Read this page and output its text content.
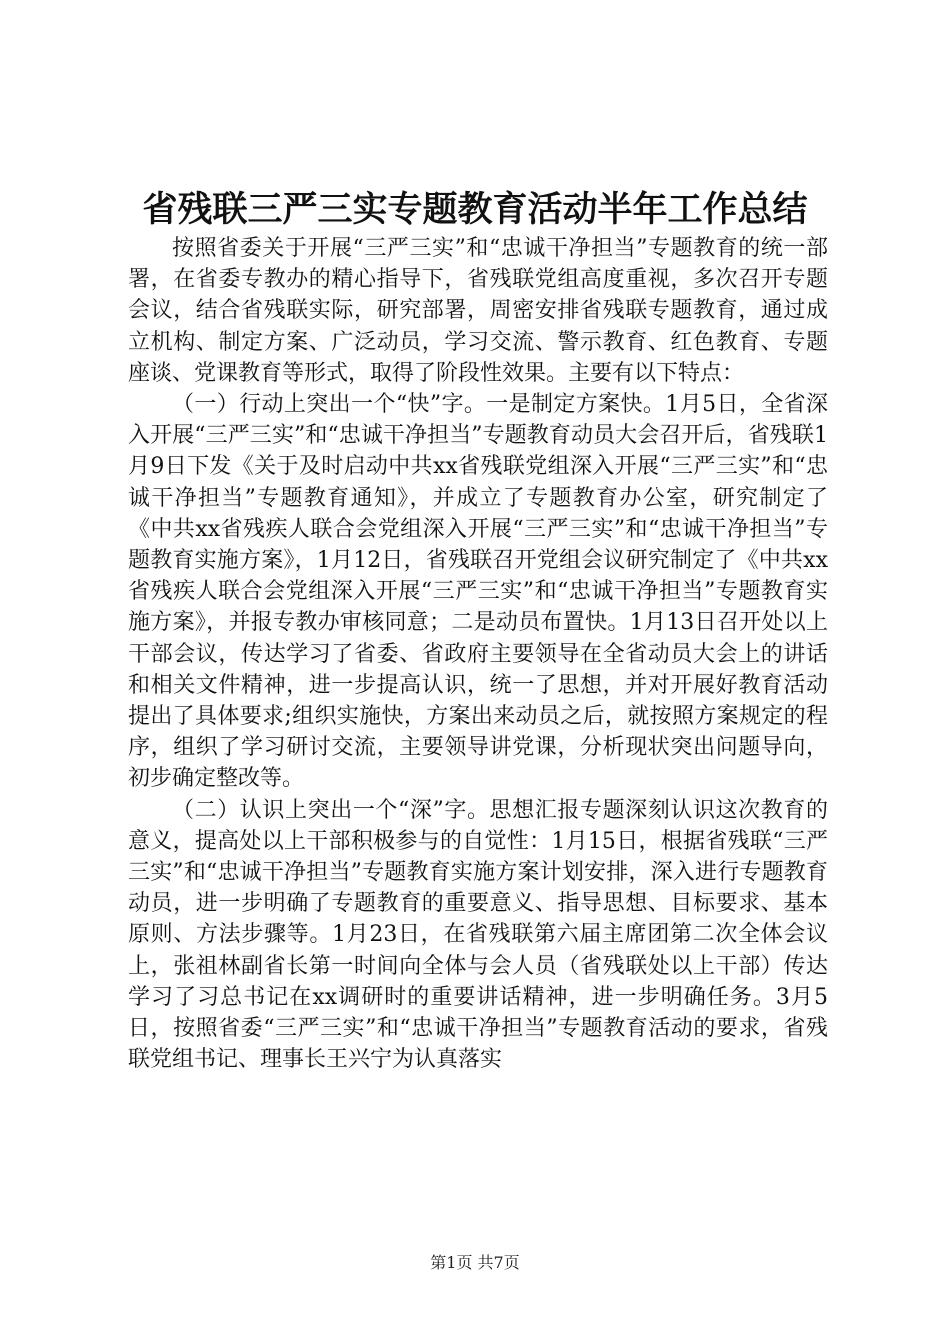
省残联三严三实专题教育活动半年工作总结

按照省委关于开展“三严三实”和“忠诚干净担当”专题教育的统一部署，在省委专教办的精心指导下，省残联党组高度重视，多次召开专题会议，结合省残联实际，研究部署，周密安排省残联专题教育，通过成立机构、制定方案、广泛动员，学习交流、警示教育、红色教育、专题座谈、党课教育等形式，取得了阶段性效果。主要有以下特点：

（一）行动上突出一个“快”字。一是制定方案快。1月5日，全省深入开展“三严三实”和“忠诚干净担当”专题教育动员大会召开后，省残联1月9日下发《关于及时启动中共xx省残联党组深入开展“三严三实”和“忠诚干净担当”专题教育通知》，并成立了专题教育办公室，研究制定了《中共xx省残疾人联合会党组深入开展“三严三实”和“忠诚干净担当”专题教育实施方案》，1月12日，省残联召开党组会议研究制定了《中共xx省残疾人联合会党组深入开展“三严三实”和“忠诚干净担当”专题教育实施方案》，并报专教办审核同意；二是动员布置快。1月13日召开处以上干部会议，传达学习了省委、省政府主要领导在全省动员大会上的讲话和相关文件精神，进一步提高认识，统一了思想，并对开展好教育活动提出了具体要求;组织实施快，方案出来动员之后，就按照方案规定的程序，组织了学习研讨交流，主要领导讲党课，分析现状突出问题导向，初步确定整改等。

（二）认识上突出一个“深”字。思想汇报专题深刻认识这次教育的意义，提高处以上干部积极参与的自觉性：1月15日，根据省残联“三严三实”和“忠诚干净担当”专题教育实施方案计划安排，深入进行专题教育动员，进一步明确了专题教育的重要意义、指导思想、目标要求、基本原则、方法步骤等。1月23日，在省残联第六届主席团第二次全体会议上，张祖林副省长第一时间向全体与会人员（省残联处以上干部）传达学习了习总书记在xx调研时的重要讲话精神，进一步明确任务。3月5日，按照省委“三严三实”和“忠诚干净担当”专题教育活动的要求，省残联党组书记、理事长王兴宁为认真落实

第1页 共7页
